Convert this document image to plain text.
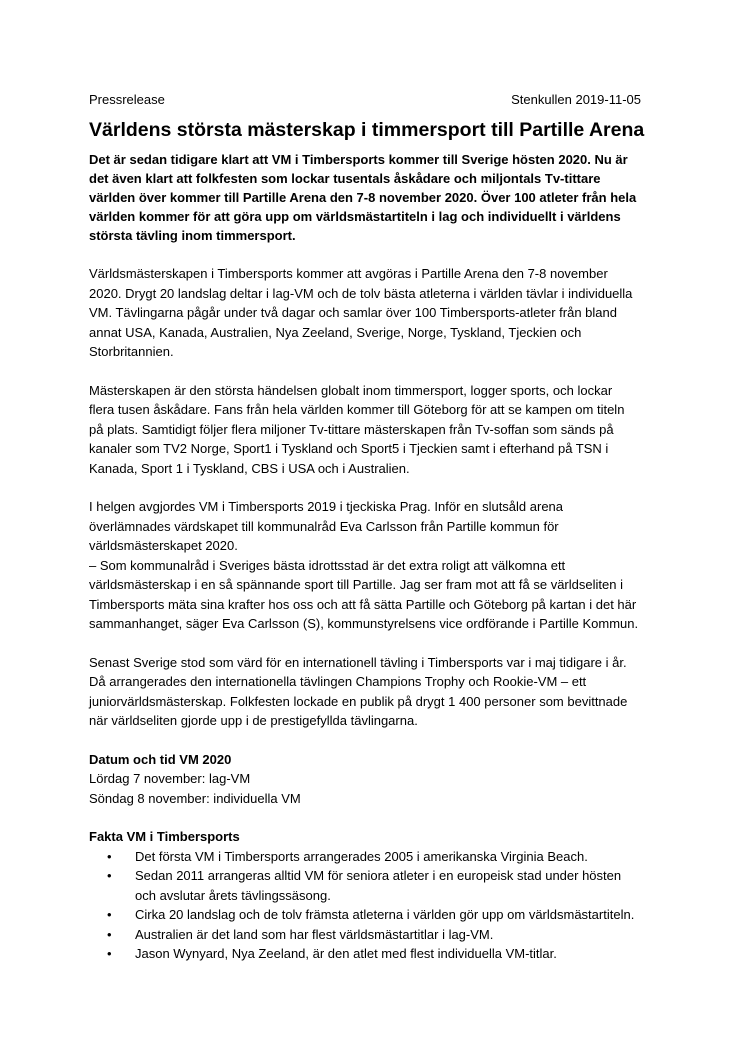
Pressrelease	Stenkullen 2019-11-05
Världens största mästerskap i timmersport till Partille Arena

Det är sedan tidigare klart att VM i Timbersports kommer till Sverige hösten 2020. Nu är det även klart att folkfesten som lockar tusentals åskådare och miljontals Tv-tittare världen över kommer till Partille Arena den 7-8 november 2020. Över 100 atleter från hela världen kommer för att göra upp om världsmästartiteln i lag och individuellt i världens största tävling inom timmersport.

Världsmästerskapen i Timbersports kommer att avgöras i Partille Arena den 7-8 november 2020. Drygt 20 landslag deltar i lag-VM och de tolv bästa atleterna i världen tävlar i individuella VM. Tävlingarna pågår under två dagar och samlar över 100 Timbersports-atleter från bland annat USA, Kanada, Australien, Nya Zeeland, Sverige, Norge, Tyskland, Tjeckien och Storbritannien.

Mästerskapen är den största händelsen globalt inom timmersport, logger sports, och lockar flera tusen åskådare. Fans från hela världen kommer till Göteborg för att se kampen om titeln på plats. Samtidigt följer flera miljoner Tv-tittare mästerskapen från Tv-soffan som sänds på kanaler som TV2 Norge, Sport1 i Tyskland och Sport5 i Tjeckien samt i efterhand på TSN i Kanada, Sport 1 i Tyskland, CBS i USA och i Australien.

I helgen avgjordes VM i Timbersports 2019 i tjeckiska Prag. Inför en slutsåld arena överlämnades värdskapet till kommunalråd Eva Carlsson från Partille kommun för världsmästerskapet 2020.

– Som kommunalråd i Sveriges bästa idrottsstad är det extra roligt att välkomna ett världsmästerskap i en så spännande sport till Partille. Jag ser fram mot att få se världseliten i Timbersports mäta sina krafter hos oss och att få sätta Partille och Göteborg på kartan i det här sammanhanget, säger Eva Carlsson (S), kommunstyrelsens vice ordförande i Partille Kommun.

Senast Sverige stod som värd för en internationell tävling i Timbersports var i maj tidigare i år. Då arrangerades den internationella tävlingen Champions Trophy och Rookie-VM – ett juniorvärldsmästerskap. Folkfesten lockade en publik på drygt 1 400 personer som bevittnade när världseliten gjorde upp i de prestigefyllda tävlingarna.

Datum och tid VM 2020
Lördag 7 november: lag-VM
Söndag 8 november: individuella VM
Fakta VM i Timbersports
• Det första VM i Timbersports arrangerades 2005 i amerikanska Virginia Beach.
• Sedan 2011 arrangeras alltid VM för seniora atleter i en europeisk stad under hösten och avslutar årets tävlingssäsong.
• Cirka 20 landslag och de tolv främsta atleterna i världen gör upp om världsmästartiteln.
• Australien är det land som har flest världsmästartitlar i lag-VM.
• Jason Wynyard, Nya Zeeland, är den atlet med flest individuella VM-titlar.
